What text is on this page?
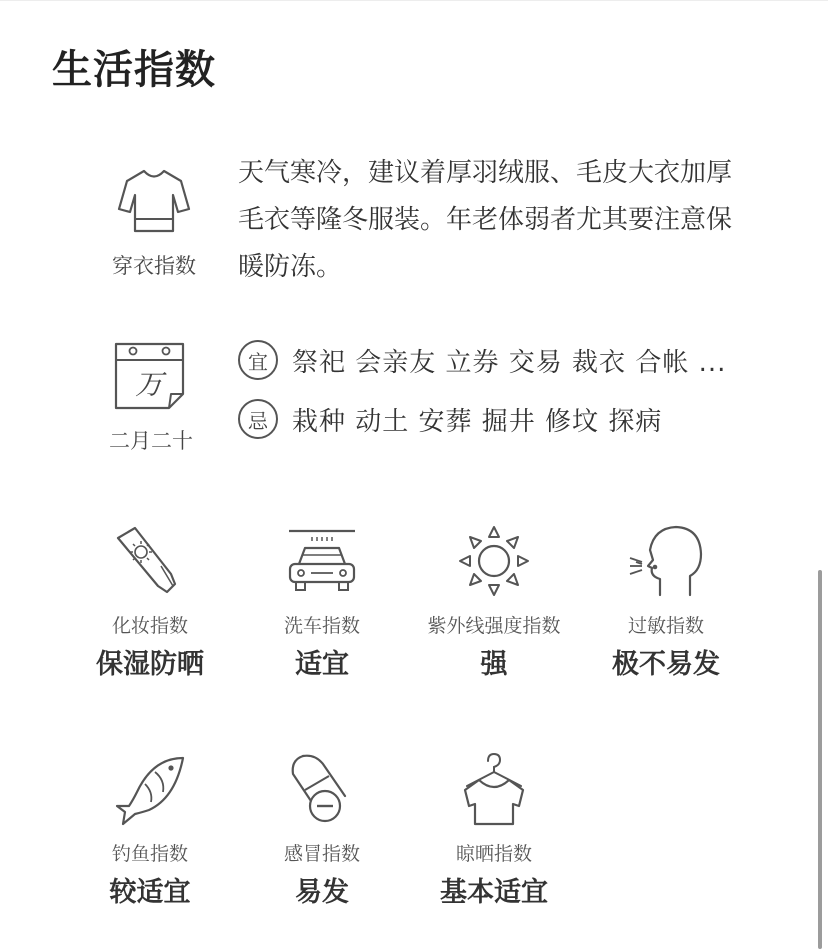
生活指数
穿衣指数
天气寒冷，建议着厚羽绒服、毛皮大衣加厚毛衣等隆冬服装。年老体弱者尤其要注意保暖防冻。
万
二月二十
宜 祭祀 会亲友 立券 交易 裁衣 合帐 ...
忌 栽种 动土 安葬 掘井 修坟 探病
化妆指数
保湿防晒
洗车指数
适宜
紫外线强度指数
强
过敏指数
极不易发
钓鱼指数
较适宜
感冒指数
易发
晾晒指数
基本适宜
